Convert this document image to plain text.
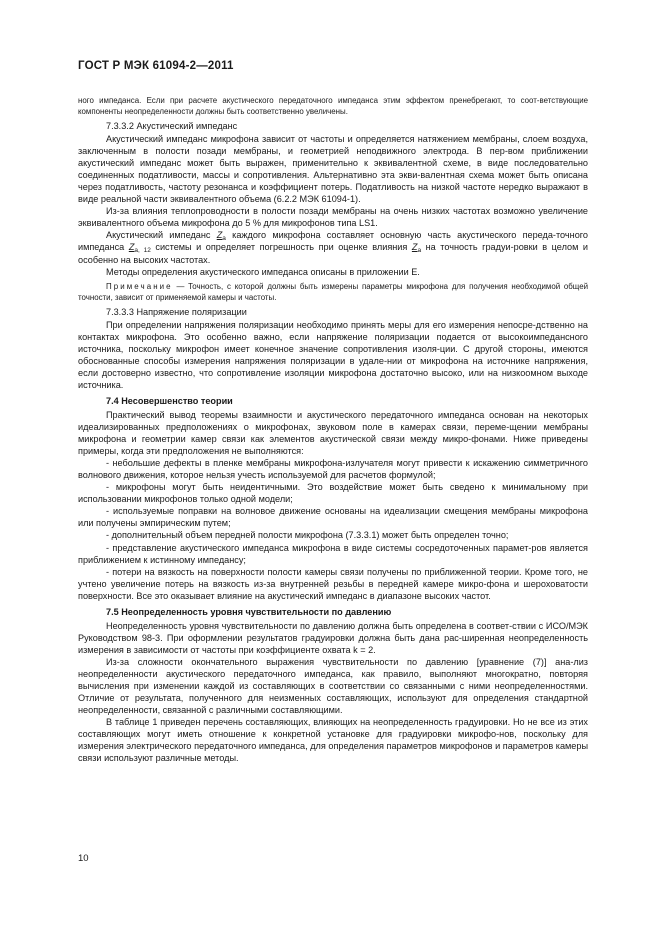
ГОСТ Р МЭК 61094-2—2011

ного импеданса. Если при расчете акустического передаточного импеданса этим эффектом пренебрегают, то соот-ветствующие компоненты неопределенности должны быть соответственно увеличены.

7.3.3.2 Акустический импеданс

Акустический импеданс микрофона зависит от частоты и определяется натяжением мембраны, слоем воздуха, заключенным в полости позади мембраны, и геометрией неподвижного электрода. В пер-вом приближении акустический импеданс может быть выражен, применительно к эквивалентной схеме, в виде последовательно соединенных податливости, массы и сопротивления. Альтернативно эта экви-валентная схема может быть описана через податливость, частоту резонанса и коэффициент потерь. Податливость на низкой частоте нередко выражают в виде реальной части эквивалентного объема (6.2.2 МЭК 61094-1).

Из-за влияния теплопроводности в полости позади мембраны на очень низких частотах возможно увеличение эквивалентного объема микрофона до 5 % для микрофонов типа LS1.

Акустический импеданс $Z_a$ каждого микрофона составляет основную часть акустического переда-точного импеданса $Z_{a, 12}$ системы и определяет погрешность при оценке влияния $Z_a$ на точность градуи-ровки в целом и особенно на высоких частотах.

Методы определения акустического импеданса описаны в приложении Е.

Примечание — Точность, с которой должны быть измерены параметры микрофона для получения необходимой общей точности, зависит от применяемой камеры и частоты.

7.3.3.3 Напряжение поляризации

При определении напряжения поляризации необходимо принять меры для его измерения непосре-дственно на контактах микрофона. Это особенно важно, если напряжение поляризации подается от высокоимпедансного источника, поскольку микрофон имеет конечное значение сопротивления изоля-ции. С другой стороны, имеются обоснованные способы измерения напряжения поляризации в удале-нии от микрофона на источнике напряжения, если достоверно известно, что сопротивление изоляции микрофона достаточно высоко, или на низкоомном выходе источника.

7.4 Несовершенство теории

Практический вывод теоремы взаимности и акустического передаточного импеданса основан на некоторых идеализированных предположениях о микрофонах, звуковом поле в камерах связи, переме-щении мембраны микрофона и геометрии камер связи как элементов акустической связи между микро-фонами. Ниже приведены примеры, когда эти предположения не выполняются:

- небольшие дефекты в пленке мембраны микрофона-излучателя могут привести к искажению симметричного волнового движения, которое нельзя учесть используемой для расчетов формулой;

- микрофоны могут быть неидентичными. Это воздействие может быть сведено к минимальному при использовании микрофонов только одной модели;

- используемые поправки на волновое движение основаны на идеализации смещения мембраны микрофона или получены эмпирическим путем;

- дополнительный объем передней полости микрофона (7.3.3.1) может быть определен точно;

- представление акустического импеданса микрофона в виде системы сосредоточенных парамет-ров является приближением к истинному импедансу;

- потери на вязкость на поверхности полости камеры связи получены по приближенной теории. Кроме того, не учтено увеличение потерь на вязкость из-за внутренней резьбы в передней камере микро-фона и шероховатости поверхности. Все это оказывает влияние на акустический импеданс в диапазоне высоких частот.

7.5 Неопределенность уровня чувствительности по давлению

Неопределенность уровня чувствительности по давлению должна быть определена в соответ-ствии с ИСО/МЭК Руководством 98-3. При оформлении результатов градуировки должна быть дана рас-ширенная неопределенность измерения в зависимости от частоты при коэффициенте охвата k = 2.

Из-за сложности окончательного выражения чувствительности по давлению [уравнение (7)] ана-лиз неопределенности акустического передаточного импеданса, как правило, выполняют многократно, повторяя вычисления при изменении каждой из составляющих в соответствии со связанными с ними неопределенностями. Отличие от результата, полученного для неизменных составляющих, используют для определения стандартной неопределенности, связанной с различными составляющими.

В таблице 1 приведен перечень составляющих, влияющих на неопределенность градуировки. Но не все из этих составляющих могут иметь отношение к конкретной установке для градуировки микрофо-нов, поскольку для измерения электрического передаточного импеданса, для определения параметров микрофонов и параметров камеры связи используют различные методы.

10
